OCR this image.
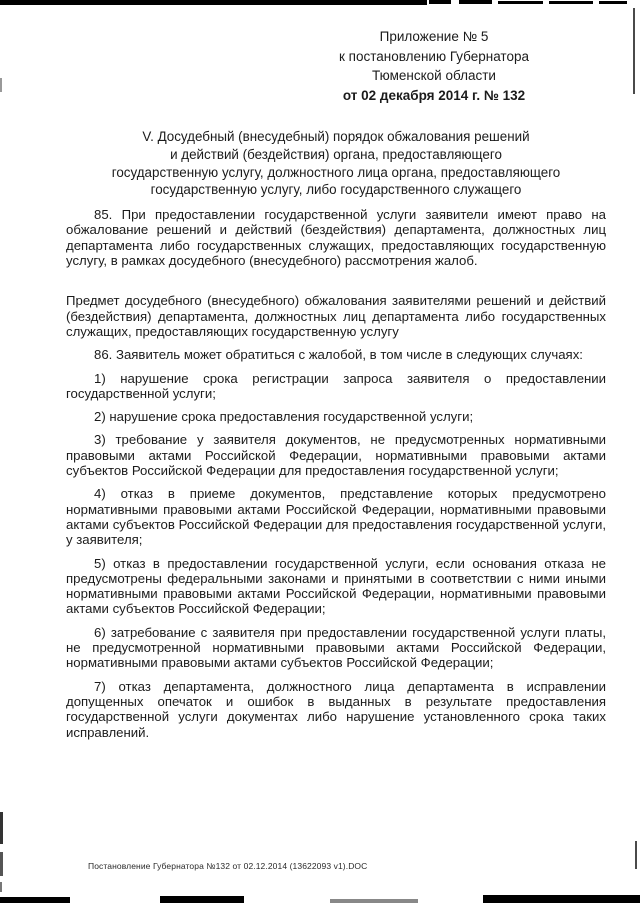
Приложение № 5
к постановлению Губернатора
Тюменской области
от 02 декабря 2014 г. № 132
V. Досудебный (внесудебный) порядок обжалования решений
и действий (бездействия) органа, предоставляющего
государственную услугу, должностного лица органа, предоставляющего
государственную услугу, либо государственного служащего

85. При предоставлении государственной услуги заявители имеют право на обжалование решений и действий (бездействия) департамента, должностных лиц департамента либо государственных служащих, предоставляющих государственную услугу, в рамках досудебного (внесудебного) рассмотрения жалоб.

Предмет досудебного (внесудебного) обжалования заявителями решений и действий (бездействия) департамента, должностных лиц департамента либо государственных служащих, предоставляющих государственную услугу

86. Заявитель может обратиться с жалобой, в том числе в следующих случаях:

1) нарушение срока регистрации запроса заявителя о предоставлении государственной услуги;

2) нарушение срока предоставления государственной услуги;

3) требование у заявителя документов, не предусмотренных нормативными правовыми актами Российской Федерации, нормативными правовыми актами субъектов Российской Федерации для предоставления государственной услуги;

4) отказ в приеме документов, представление которых предусмотрено нормативными правовыми актами Российской Федерации, нормативными правовыми актами субъектов Российской Федерации для предоставления государственной услуги, у заявителя;

5) отказ в предоставлении государственной услуги, если основания отказа не предусмотрены федеральными законами и принятыми в соответствии с ними иными нормативными правовыми актами Российской Федерации, нормативными правовыми актами субъектов Российской Федерации;

6) затребование с заявителя при предоставлении государственной услуги платы, не предусмотренной нормативными правовыми актами Российской Федерации, нормативными правовыми актами субъектов Российской Федерации;

7) отказ департамента, должностного лица департамента в исправлении допущенных опечаток и ошибок в выданных в результате предоставления государственной услуги документах либо нарушение установленного срока таких исправлений.

Постановление Губернатора №132 от 02.12.2014 (13622093 v1).DOC
